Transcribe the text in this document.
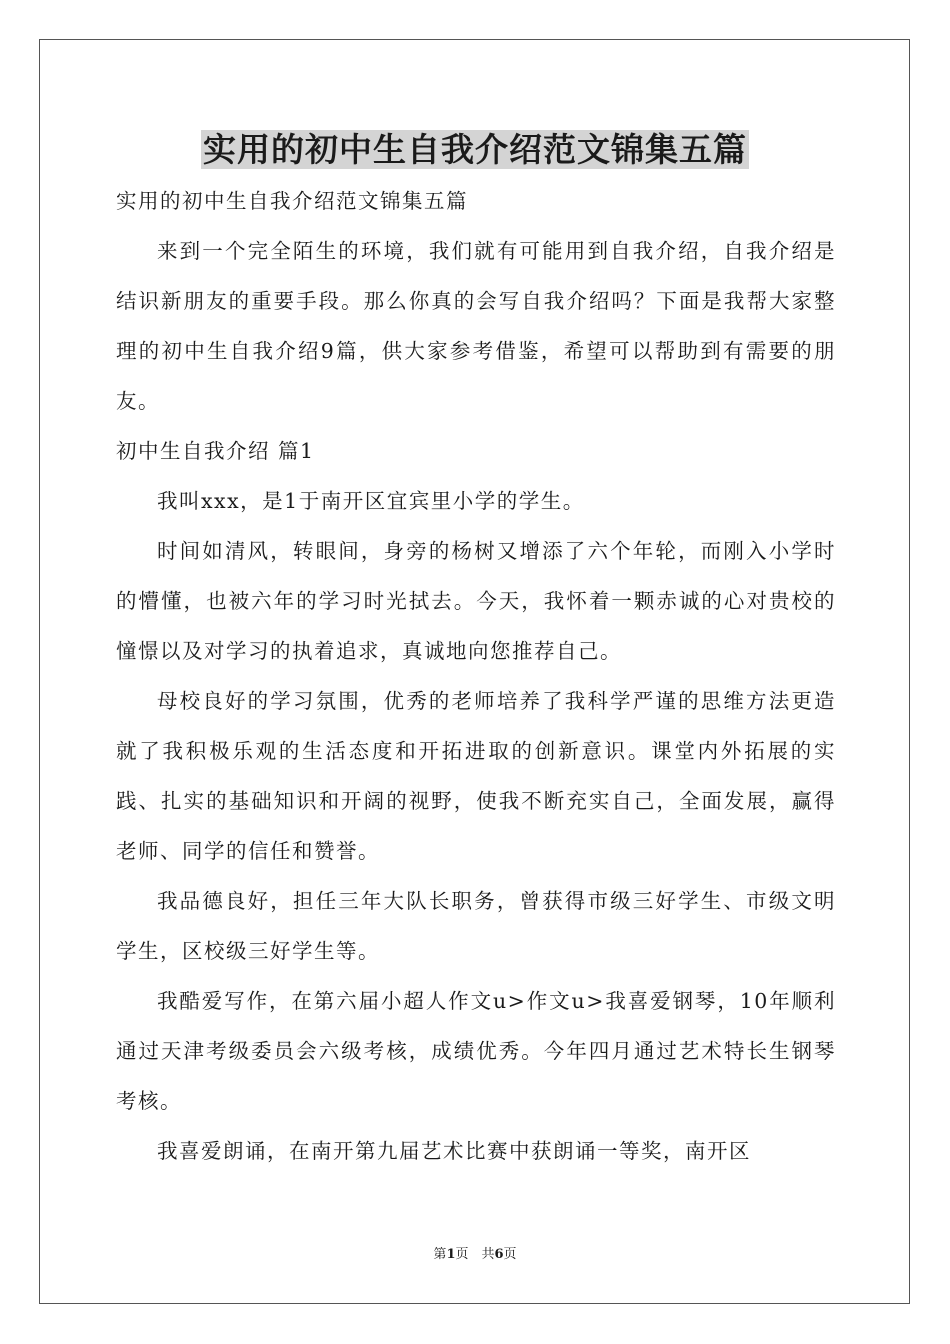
实用的初中生自我介绍范文锦集五篇

实用的初中生自我介绍范文锦集五篇

来到一个完全陌生的环境，我们就有可能用到自我介绍，自我介绍是结识新朋友的重要手段。那么你真的会写自我介绍吗？下面是我帮大家整理的初中生自我介绍9篇，供大家参考借鉴，希望可以帮助到有需要的朋友。

初中生自我介绍 篇1

我叫xxx，是1于南开区宜宾里小学的学生。

时间如清风，转眼间，身旁的杨树又增添了六个年轮，而刚入小学时的懵懂，也被六年的学习时光拭去。今天，我怀着一颗赤诚的心对贵校的憧憬以及对学习的执着追求，真诚地向您推荐自己。

母校良好的学习氛围，优秀的老师培养了我科学严谨的思维方法更造就了我积极乐观的生活态度和开拓进取的创新意识。课堂内外拓展的实践、扎实的基础知识和开阔的视野，使我不断充实自己，全面发展，赢得老师、同学的信任和赞誉。

我品德良好，担任三年大队长职务，曾获得市级三好学生、市级文明学生，区校级三好学生等。

我酷爱写作，在第六届小超人作文u>作文u>我喜爱钢琴，10年顺利通过天津考级委员会六级考核，成绩优秀。今年四月通过艺术特长生钢琴考核。

我喜爱朗诵，在南开第九届艺术比赛中获朗诵一等奖，南开区

第1页　共6页
